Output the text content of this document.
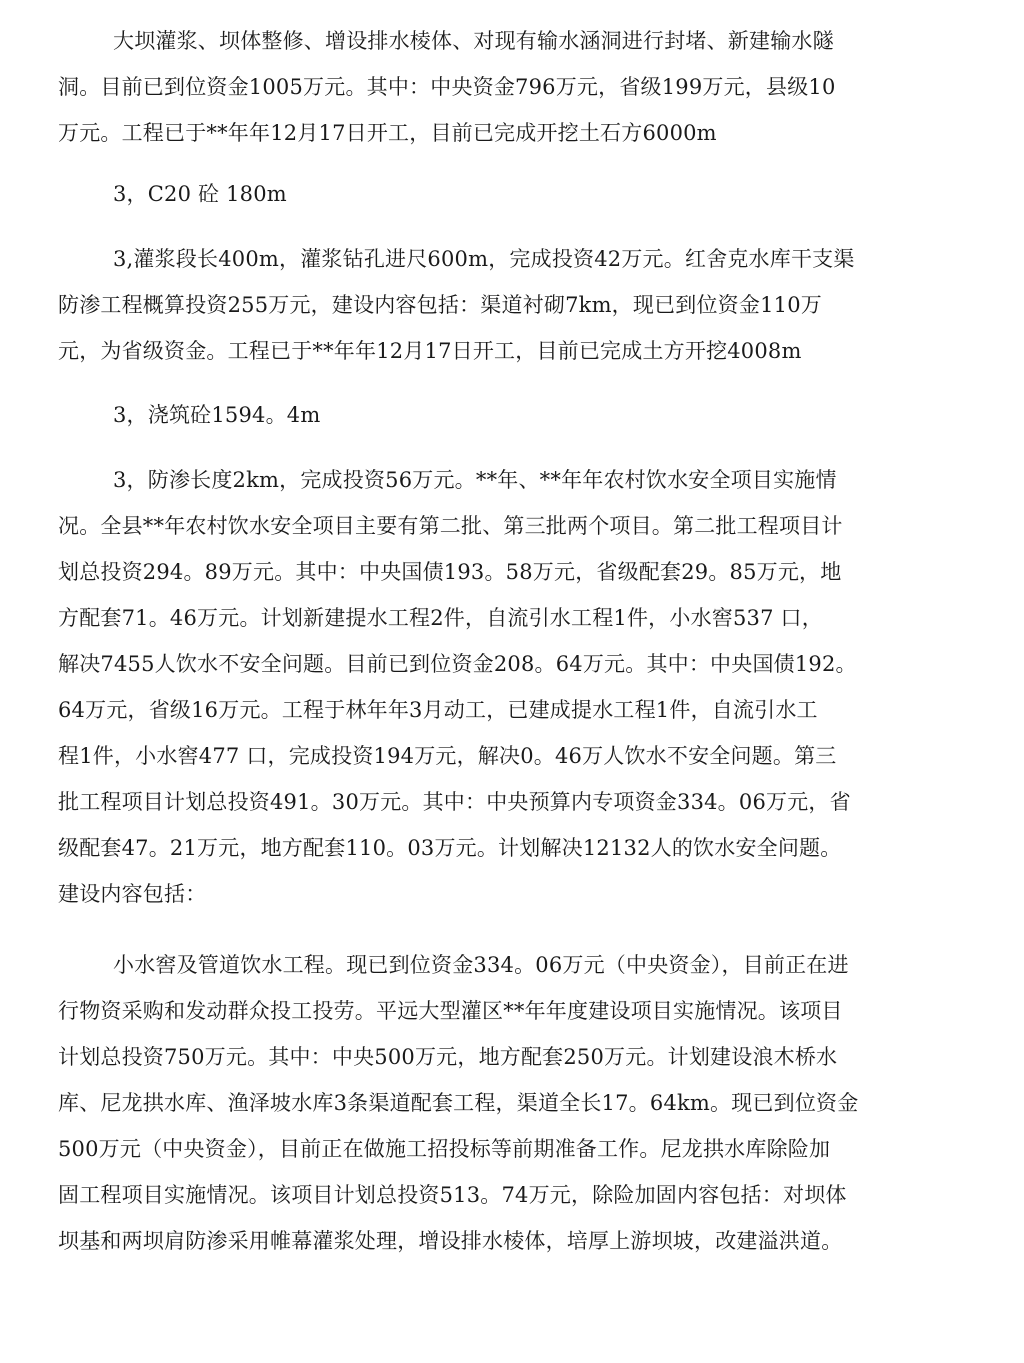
大坝灌浆、坝体整修、增设排水棱体、对现有输水涵洞进行封堵、新建输水隧
洞。目前已到位资金1005万元。其中：中央资金796万元，省级199万元，县级10
万元。工程已于**年年12月17日开工，目前已完成开挖土石方6000m
3，C20 砼 180m
3,灌浆段长400m，灌浆钻孔进尺600m，完成投资42万元。红舍克水库干支渠
防渗工程概算投资255万元，建设内容包括：渠道衬砌7km，现已到位资金110万
元，为省级资金。工程已于**年年12月17日开工，目前已完成土方开挖4008m
3，浇筑砼1594。4m
3，防渗长度2km，完成投资56万元。**年、**年年农村饮水安全项目实施情
况。全县**年农村饮水安全项目主要有第二批、第三批两个项目。第二批工程项目计
划总投资294。89万元。其中：中央国债193。58万元，省级配套29。85万元，地
方配套71。46万元。计划新建提水工程2件，自流引水工程1件，小水窖537 口，
解决7455人饮水不安全问题。目前已到位资金208。64万元。其中：中央国债192。
64万元，省级16万元。工程于林年年3月动工，已建成提水工程1件，自流引水工
程1件，小水窖477 口，完成投资194万元，解决0。46万人饮水不安全问题。第三
批工程项目计划总投资491。30万元。其中：中央预算内专项资金334。06万元，省
级配套47。21万元，地方配套110。03万元。计划解决12132人的饮水安全问题。
建设内容包括：
小水窖及管道饮水工程。现已到位资金334。06万元（中央资金），目前正在进
行物资采购和发动群众投工投劳。平远大型灌区**年年度建设项目实施情况。该项目
计划总投资750万元。其中：中央500万元，地方配套250万元。计划建设浪木桥水
库、尼龙拱水库、渔泽坡水库3条渠道配套工程，渠道全长17。64km。现已到位资金
500万元（中央资金），目前正在做施工招投标等前期准备工作。尼龙拱水库除险加
固工程项目实施情况。该项目计划总投资513。74万元，除险加固内容包括：对坝体
坝基和两坝肩防渗采用帷幕灌浆处理，增设排水棱体，培厚上游坝坡，改建溢洪道。
